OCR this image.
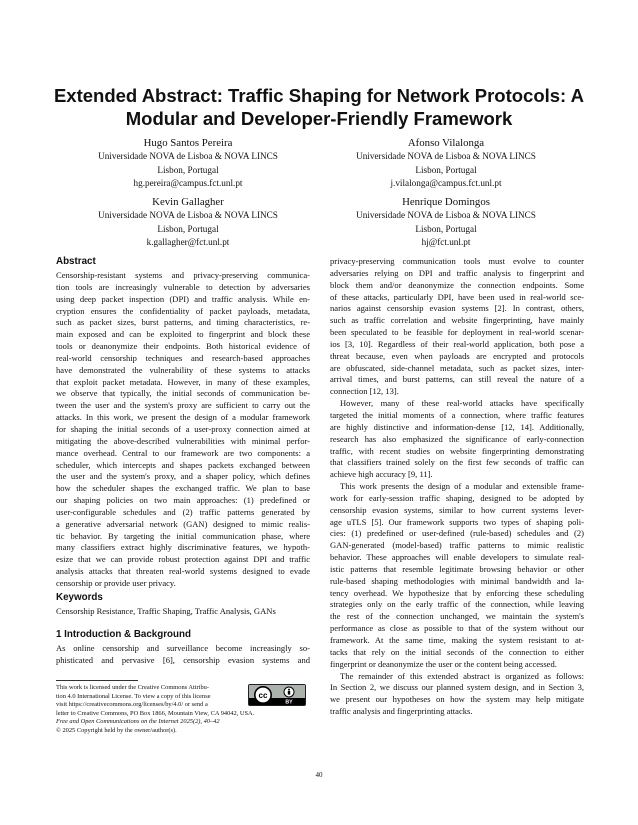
Extended Abstract: Traffic Shaping for Network Protocols: A
Modular and Developer-Friendly Framework
Hugo Santos Pereira
Universidade NOVA de Lisboa & NOVA LINCS
Lisbon, Portugal
hg.pereira@campus.fct.unl.pt
Afonso Vilalonga
Universidade NOVA de Lisboa & NOVA LINCS
Lisbon, Portugal
j.vilalonga@campus.fct.unl.pt
Kevin Gallagher
Universidade NOVA de Lisboa & NOVA LINCS
Lisbon, Portugal
k.gallagher@fct.unl.pt
Henrique Domingos
Universidade NOVA de Lisboa & NOVA LINCS
Lisbon, Portugal
hj@fct.unl.pt
Abstract
Censorship-resistant systems and privacy-preserving communica-
tion tools are increasingly vulnerable to detection by adversaries
using deep packet inspection (DPI) and traffic analysis. While en-
cryption ensures the confidentiality of packet payloads, metadata,
such as packet sizes, burst patterns, and timing characteristics, re-
main exposed and can be exploited to fingerprint and block these
tools or deanonymize their endpoints. Both historical evidence of
real-world censorship techniques and research-based approaches
have demonstrated the vulnerability of these systems to attacks
that exploit packet metadata. However, in many of these examples,
we observe that typically, the initial seconds of communication be-
tween the user and the system's proxy are sufficient to carry out the
attacks. In this work, we present the design of a modular framework
for shaping the initial seconds of a user-proxy connection aimed at
mitigating the above-described vulnerabilities with minimal perfor-
mance overhead. Central to our framework are two components: a
scheduler, which intercepts and shapes packets exchanged between
the user and the system's proxy, and a shaper policy, which defines
how the scheduler shapes the exchanged traffic. We plan to base
our shaping policies on two main approaches: (1) predefined or
user-configurable schedules and (2) traffic patterns generated by
a generative adversarial network (GAN) designed to mimic realis-
tic behavior. By targeting the initial communication phase, where
many classifiers extract highly discriminative features, we hypoth-
esize that we can provide robust protection against DPI and traffic
analysis attacks that threaten real-world systems designed to evade
censorship or provide user privacy.
Keywords
Censorship Resistance, Traffic Shaping, Traffic Analysis, GANs
1 Introduction & Background
As online censorship and surveillance become increasingly so-
phisticated and pervasive [6], censorship evasion systems and
privacy-preserving communication tools must evolve to counter
adversaries relying on DPI and traffic analysis to fingerprint and
block them and/or deanonymize the connection endpoints. Some
of these attacks, particularly DPI, have been used in real-world sce-
narios against censorship evasion systems [2]. In contrast, others,
such as traffic correlation and website fingerprinting, have mainly
been speculated to be feasible for deployment in real-world scenar-
ios [3, 10]. Regardless of their real-world application, both pose a
threat because, even when payloads are encrypted and protocols
are obfuscated, side-channel metadata, such as packet sizes, inter-
arrival times, and burst patterns, can still reveal the nature of a
connection [12, 13].
However, many of these real-world attacks have specifically
targeted the initial moments of a connection, where traffic features
are highly distinctive and information-dense [12, 14]. Additionally,
research has also emphasized the significance of early-connection
traffic, with recent studies on website fingerprinting demonstrating
that classifiers trained solely on the first few seconds of traffic can
achieve high accuracy [9, 11].
This work presents the design of a modular and extensible frame-
work for early-session traffic shaping, designed to be adopted by
censorship evasion systems, similar to how current systems lever-
age uTLS [5]. Our framework supports two types of shaping poli-
cies: (1) predefined or user-defined (rule-based) schedules and (2)
GAN-generated (model-based) traffic patterns to mimic realistic
behavior. These approaches will enable developers to simulate real-
istic patterns that resemble legitimate browsing behavior or other
rule-based shaping methodologies with minimal bandwidth and la-
tency overhead. We hypothesize that by enforcing these scheduling
strategies only on the early traffic of the connection, while leaving
the rest of the connection unchanged, we maintain the system's
performance as close as possible to that of the system without our
framework. At the same time, making the system resistant to at-
tacks that rely on the initial seconds of the connection to either
fingerprint or deanonymize the user or the content being accessed.
The remainder of this extended abstract is organized as follows:
In Section 2, we discuss our planned system design, and in Section 3,
we present our hypotheses on how the system may help mitigate
traffic analysis and fingerprinting attacks.
This work is licensed under the Creative Commons Attribu-
tion 4.0 International License. To view a copy of this license
visit https://creativecommons.org/licenses/by/4.0/ or send a
letter to Creative Commons, PO Box 1866, Mountain View, CA 94042, USA.
Free and Open Communications on the Internet 2025(2), 40–42
© 2025 Copyright held by the owner/author(s).
cc
BY
40
